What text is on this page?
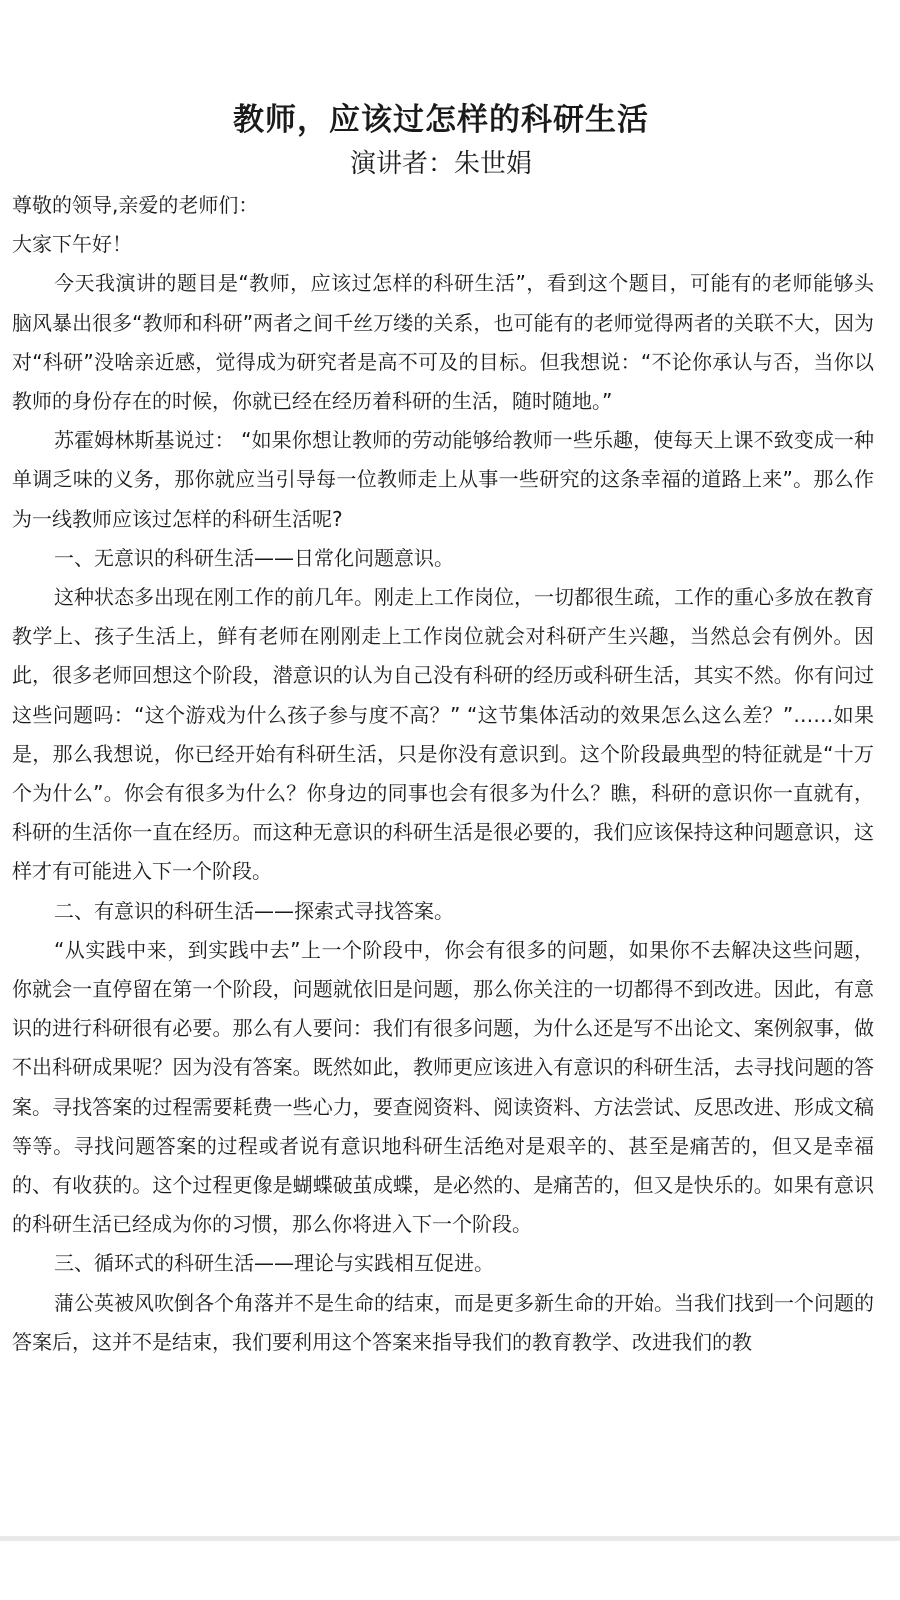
教师，应该过怎样的科研生活
演讲者：朱世娟

尊敬的领导,亲爱的老师们：

大家下午好！

今天我演讲的题目是“教师，应该过怎样的科研生活”，看到这个题目，可能有的老师能够头脑风暴出很多“教师和科研”两者之间千丝万缕的关系，也可能有的老师觉得两者的关联不大，因为对“科研”没啥亲近感，觉得成为研究者是高不可及的目标。但我想说：“不论你承认与否，当你以教师的身份存在的时候，你就已经在经历着科研的生活，随时随地。”

苏霍姆林斯基说过： “如果你想让教师的劳动能够给教师一些乐趣，使每天上课不致变成一种单调乏味的义务，那你就应当引导每一位教师走上从事一些研究的这条幸福的道路上来”。那么作为一线教师应该过怎样的科研生活呢?

一、无意识的科研生活——日常化问题意识。

这种状态多出现在刚工作的前几年。刚走上工作岗位，一切都很生疏，工作的重心多放在教育教学上、孩子生活上，鲜有老师在刚刚走上工作岗位就会对科研产生兴趣，当然总会有例外。因此，很多老师回想这个阶段，潜意识的认为自己没有科研的经历或科研生活，其实不然。你有问过这些问题吗：“这个游戏为什么孩子参与度不高？” “这节集体活动的效果怎么这么差？”……如果是，那么我想说，你已经开始有科研生活，只是你没有意识到。这个阶段最典型的特征就是“十万个为什么”。你会有很多为什么？你身边的同事也会有很多为什么？瞧，科研的意识你一直就有，科研的生活你一直在经历。而这种无意识的科研生活是很必要的，我们应该保持这种问题意识，这样才有可能进入下一个阶段。

二、有意识的科研生活——探索式寻找答案。

“从实践中来，到实践中去”上一个阶段中，你会有很多的问题，如果你不去解决这些问题，你就会一直停留在第一个阶段，问题就依旧是问题，那么你关注的一切都得不到改进。因此，有意识的进行科研很有必要。那么有人要问：我们有很多问题，为什么还是写不出论文、案例叙事，做不出科研成果呢？因为没有答案。既然如此，教师更应该进入有意识的科研生活，去寻找问题的答案。寻找答案的过程需要耗费一些心力，要查阅资料、阅读资料、方法尝试、反思改进、形成文稿等等。寻找问题答案的过程或者说有意识地科研生活绝对是艰辛的、甚至是痛苦的，但又是幸福的、有收获的。这个过程更像是蝴蝶破茧成蝶，是必然的、是痛苦的，但又是快乐的。如果有意识的科研生活已经成为你的习惯，那么你将进入下一个阶段。

三、循环式的科研生活——理论与实践相互促进。

蒲公英被风吹倒各个角落并不是生命的结束，而是更多新生命的开始。当我们找到一个问题的答案后，这并不是结束，我们要利用这个答案来指导我们的教育教学、改进我们的教
